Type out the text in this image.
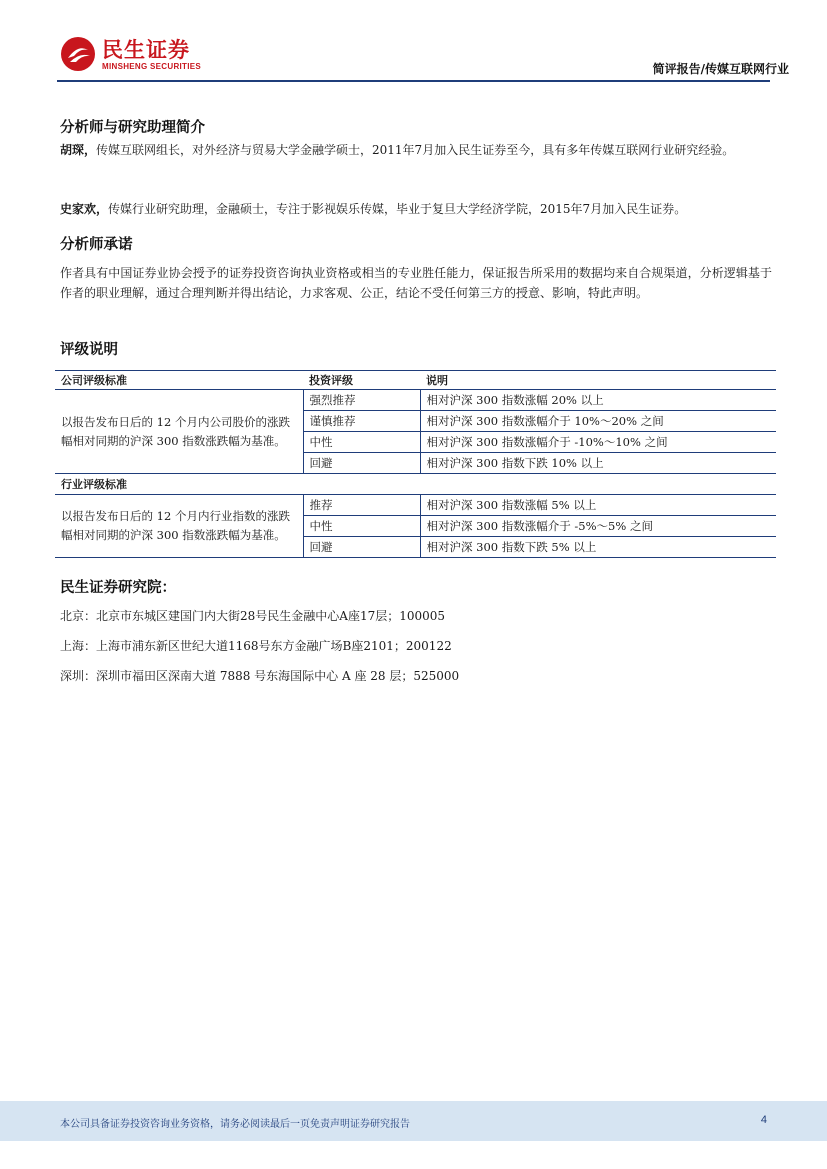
民生证券
MINSHENG SECURITIES	简评报告/传媒互联网行业
分析师与研究助理简介

胡琛，传媒互联网组长，对外经济与贸易大学金融学硕士，2011年7月加入民生证券至今，具有多年传媒互联网行业研究经验。

史家欢，传媒行业研究助理，金融硕士，专注于影视娱乐传媒，毕业于复旦大学经济学院，2015年7月加入民生证券。

分析师承诺

作者具有中国证券业协会授予的证券投资咨询执业资格或相当的专业胜任能力，保证报告所采用的数据均来自合规渠道，分析逻辑基于作者的职业理解，通过合理判断并得出结论，力求客观、公正，结论不受任何第三方的授意、影响，特此声明。

评级说明
公司评级标准	投资评级	说明
以报告发布日后的 12 个月内公司股价的涨跌幅相对同期的沪深 300 指数涨跌幅为基准。	强烈推荐	相对沪深 300 指数涨幅 20% 以上
	谨慎推荐	相对沪深 300 指数涨幅介于 10%～20% 之间
	中性	相对沪深 300 指数涨幅介于 -10%～10% 之间
	回避	相对沪深 300 指数下跌 10% 以上
行业评级标准		
以报告发布日后的 12 个月内行业指数的涨跌幅相对同期的沪深 300 指数涨跌幅为基准。	推荐	相对沪深 300 指数涨幅 5% 以上
	中性	相对沪深 300 指数涨幅介于 -5%～5% 之间
	回避	相对沪深 300 指数下跌 5% 以上
民生证券研究院：

北京：北京市东城区建国门内大街28号民生金融中心A座17层；100005

上海：上海市浦东新区世纪大道1168号东方金融广场B座2101；200122

深圳：深圳市福田区深南大道 7888 号东海国际中心 A 座 28 层；525000

本公司具备证券投资咨询业务资格，请务必阅读最后一页免责声明证券研究报告	4
